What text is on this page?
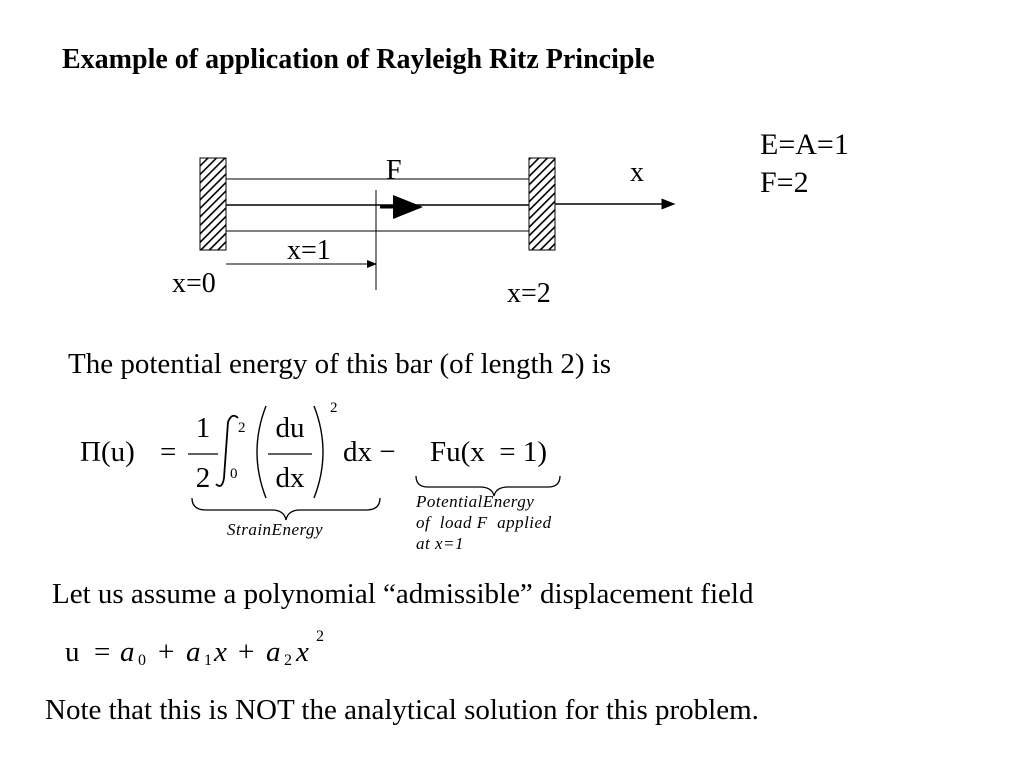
Example of application of Rayleigh Ritz Principle
E=A=1
F=2
F	x
x=1
x=0	x=2
The potential energy of this bar (of length 2) is
Π(u) =
1
2
2
0
du
dx
2
dx − Fu(x  = 1)
StrainEnergy
PotentialEnergy
of  load F  applied
at x=1
Let us assume a polynomial “admissible” displacement field
u = a 0 + a 1 x + a 2 x 2
Note that this is NOT the analytical solution for this problem.
